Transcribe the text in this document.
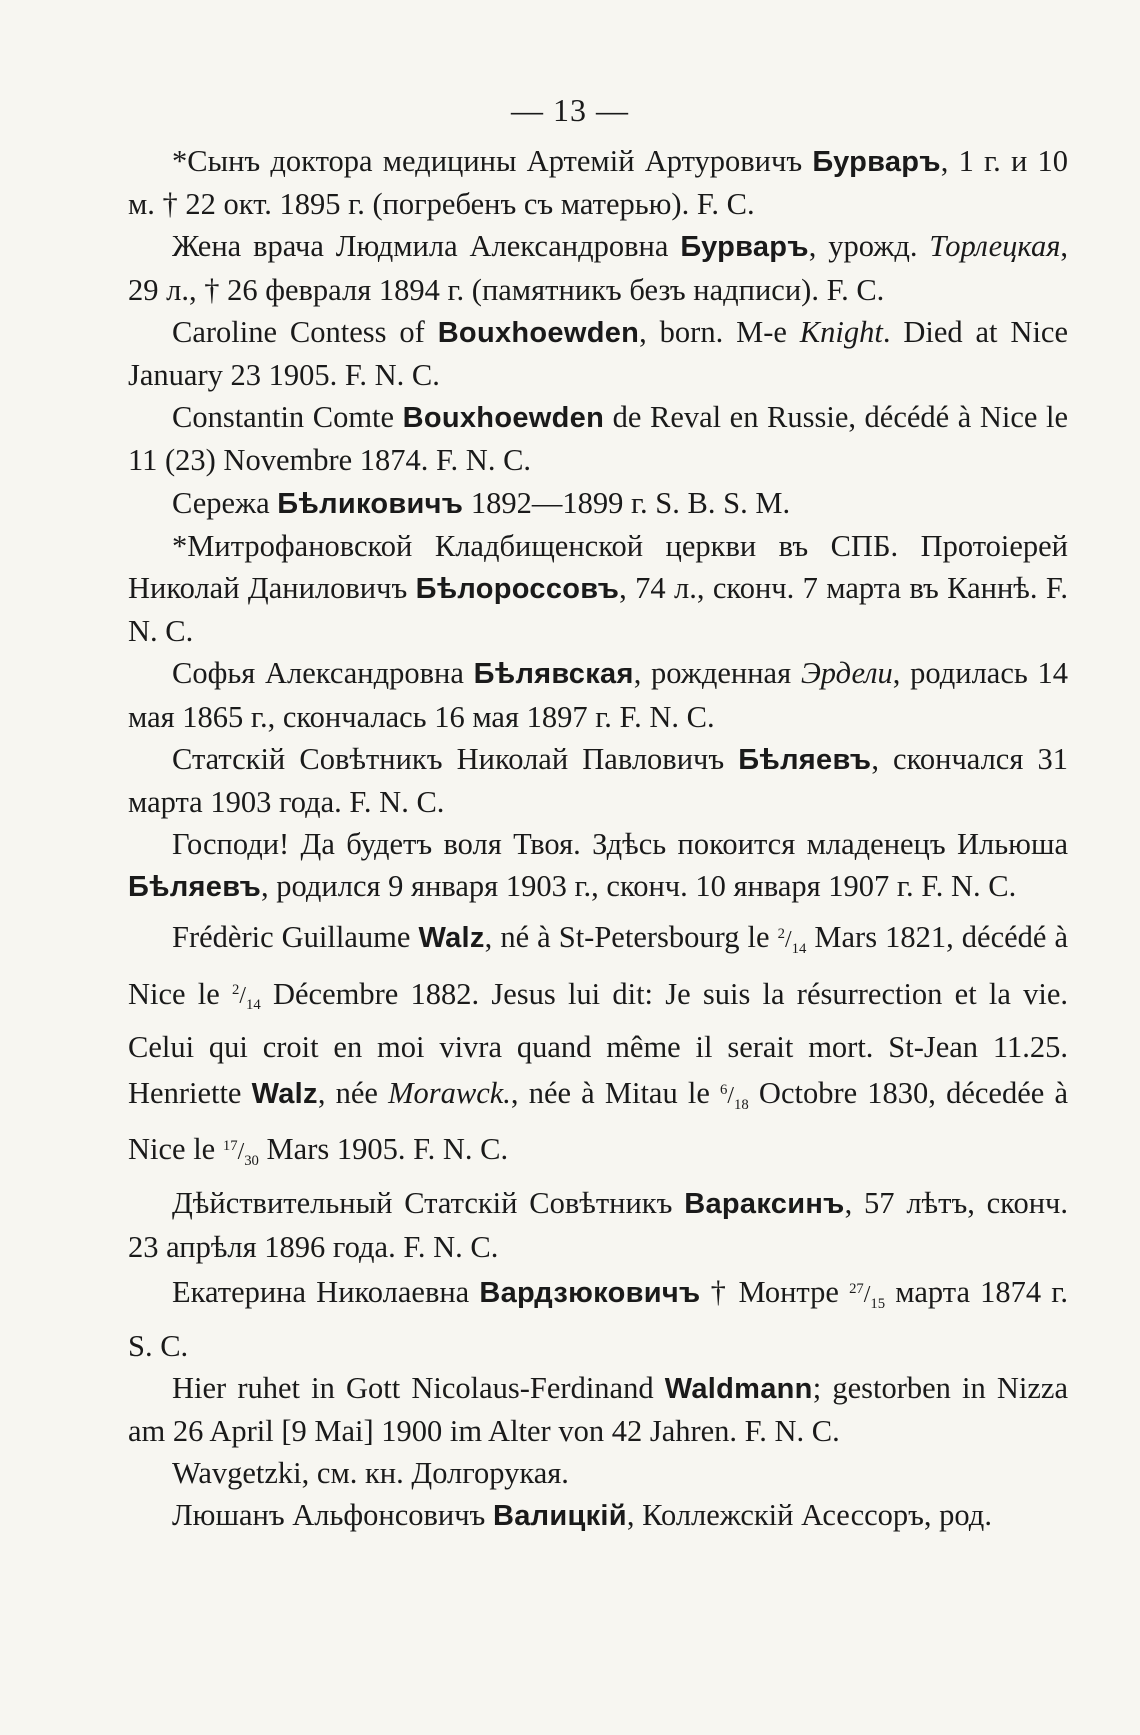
— 13 —

*Сынъ доктора медицины Артемій Артуровичъ Бурваръ, 1 г. и 10 м. † 22 окт. 1895 г. (погребенъ съ матерью). F. C.

Жена врача Людмила Александровна Бурваръ, урожд. Торлецкая, 29 л., † 26 февраля 1894 г. (памятникъ безъ надписи). F. C.

Caroline Contess of Bouxhoewden, born. M-e Knight. Died at Nice January 23 1905. F. N. C.

Constantin Comte Bouxhoewden de Reval en Russie, décédé à Nice le 11 (23) Novembre 1874. F. N. C.

Сережа Бѣликовичъ 1892—1899 г. S. B. S. M.

*Митрофановской Кладбищенской церкви въ СПБ. Протоіерей Николай Даниловичъ Бѣлороссовъ, 74 л., сконч. 7 марта въ Каннѣ. F. N. C.

Софья Александровна Бѣлявская, рожденная Эрдели, родилась 14 мая 1865 г., скончалась 16 мая 1897 г. F. N. C.

Статскій Совѣтникъ Николай Павловичъ Бѣляевъ, скончался 31 марта 1903 года. F. N. C.

Господи! Да будетъ воля Твоя. Здѣсь покоится младенецъ Ильюша Бѣляевъ, родился 9 января 1903 г., сконч. 10 января 1907 г. F. N. C.

Frédèric Guillaume Walz, né à St-Petersbourg le $^2/_{14}$ Mars 1821, décédé à Nice le $^2/_{14}$ Décembre 1882. Jesus lui dit: Je suis la résurrection et la vie. Celui qui croit en moi vivra quand même il serait mort. St-Jean 11.25. Henriette Walz, née Morawck., née à Mitau le $^6/_{18}$ Octobre 1830, décedée à Nice le $^{17}/_{30}$ Mars 1905. F. N. C.

Дѣйствительный Статскій Совѣтникъ Вараксинъ, 57 лѣтъ, сконч. 23 апрѣля 1896 года. F. N. C.

Екатерина Николаевна Вардзюковичъ † Монтре $^{27}/_{15}$ марта 1874 г. S. C.

Hier ruhet in Gott Nicolaus-Ferdinand Waldmann; gestorben in Nizza am 26 April [9 Mai] 1900 im Alter von 42 Jahren. F. N. C.

Wavgetzki, см. кн. Долгорукая.

Люшанъ Альфонсовичъ Валицкій, Коллежскій Асессоръ, род.
